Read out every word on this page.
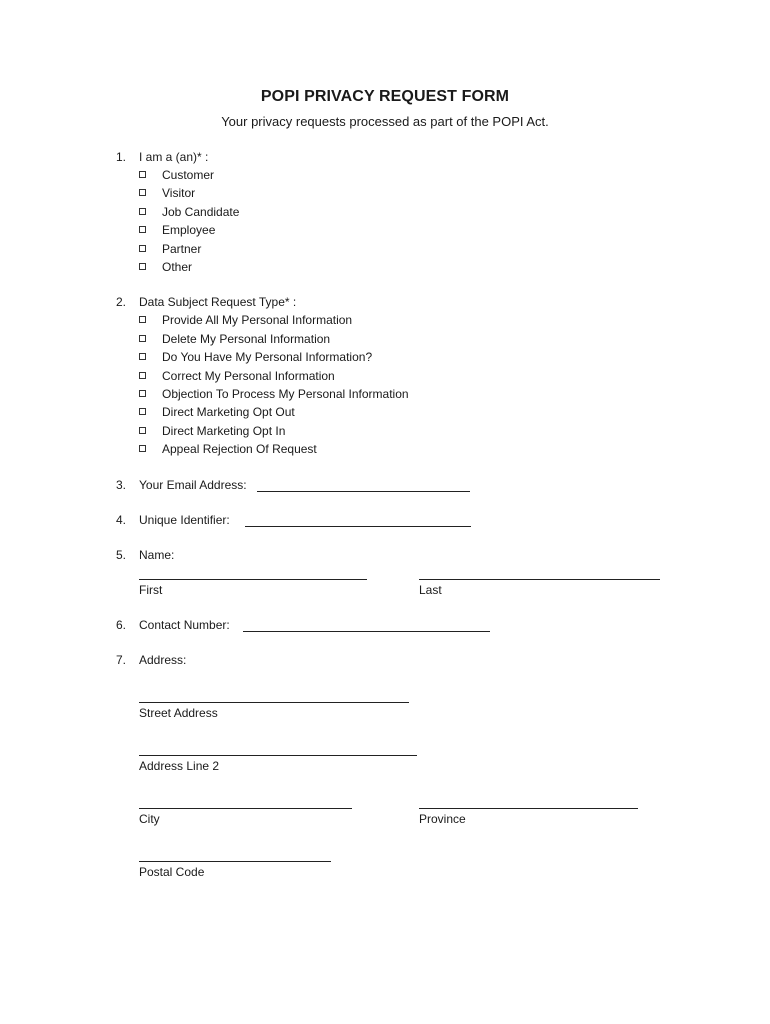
POPI PRIVACY REQUEST FORM
Your privacy requests processed as part of the POPI Act.
1. I am a (an)* :
Customer
Visitor
Job Candidate
Employee
Partner
Other
2. Data Subject Request Type* :
Provide All My Personal Information
Delete My Personal Information
Do You Have My Personal Information?
Correct My Personal Information
Objection To Process My Personal Information
Direct Marketing Opt Out
Direct Marketing Opt In
Appeal Rejection Of Request
3. Your Email Address:
4. Unique Identifier:
5. Name:
First	Last
6. Contact Number:
7. Address:
Street Address
Address Line 2
City	Province
Postal Code
